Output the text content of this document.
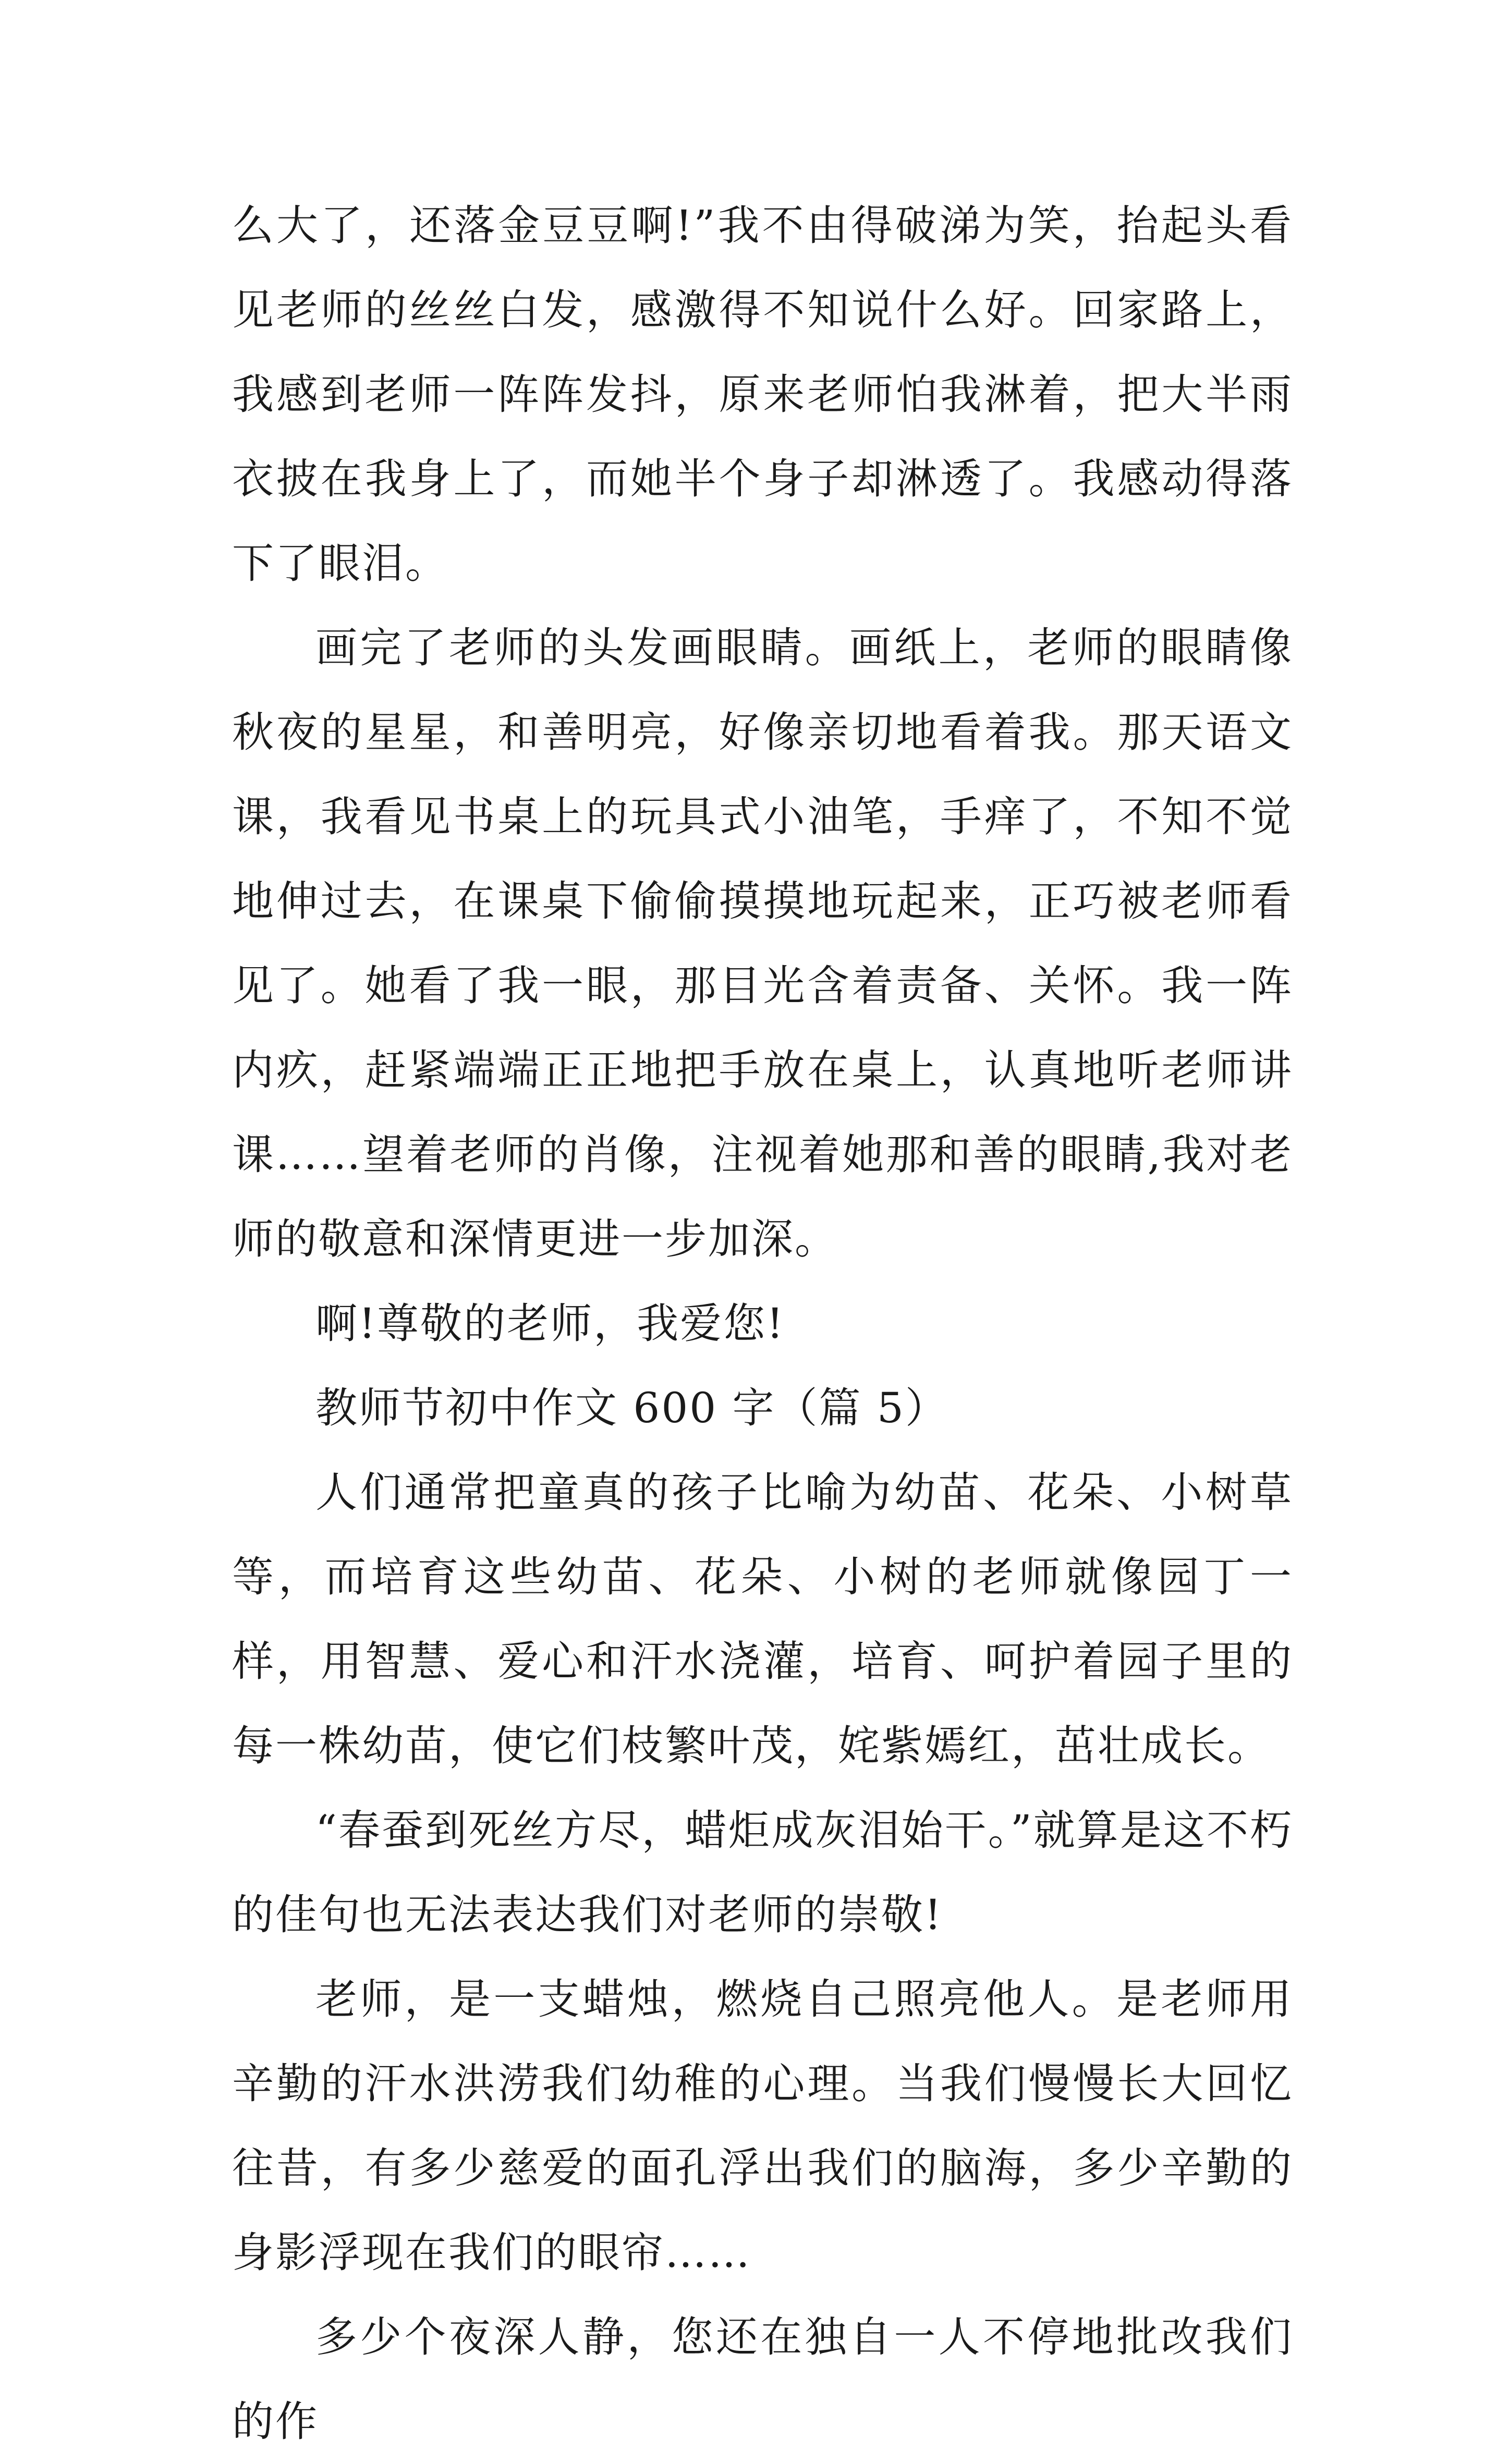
么大了，还落金豆豆啊!”我不由得破涕为笑，抬起头看见老师的丝丝白发，感激得不知说什么好。回家路上，我感到老师一阵阵发抖，原来老师怕我淋着，把大半雨衣披在我身上了，而她半个身子却淋透了。我感动得落下了眼泪。

画完了老师的头发画眼睛。画纸上，老师的眼睛像秋夜的星星，和善明亮，好像亲切地看着我。那天语文课，我看见书桌上的玩具式小油笔，手痒了，不知不觉地伸过去，在课桌下偷偷摸摸地玩起来，正巧被老师看见了。她看了我一眼，那目光含着责备、关怀。我一阵内疚，赶紧端端正正地把手放在桌上，认真地听老师讲课……望着老师的肖像，注视着她那和善的眼睛,我对老师的敬意和深情更进一步加深。

啊!尊敬的老师，我爱您!

教师节初中作文 600 字（篇 5）

人们通常把童真的孩子比喻为幼苗、花朵、小树草等，而培育这些幼苗、花朵、小树的老师就像园丁一样，用智慧、爱心和汗水浇灌，培育、呵护着园子里的每一株幼苗，使它们枝繁叶茂，姹紫嫣红，茁壮成长。

“春蚕到死丝方尽，蜡炬成灰泪始干。”就算是这不朽的佳句也无法表达我们对老师的崇敬!

老师，是一支蜡烛，燃烧自己照亮他人。是老师用辛勤的汗水洪涝我们幼稚的心理。当我们慢慢长大回忆往昔，有多少慈爱的面孔浮出我们的脑海，多少辛勤的身影浮现在我们的眼帘……

多少个夜深人静，您还在独自一人不停地批改我们的作
